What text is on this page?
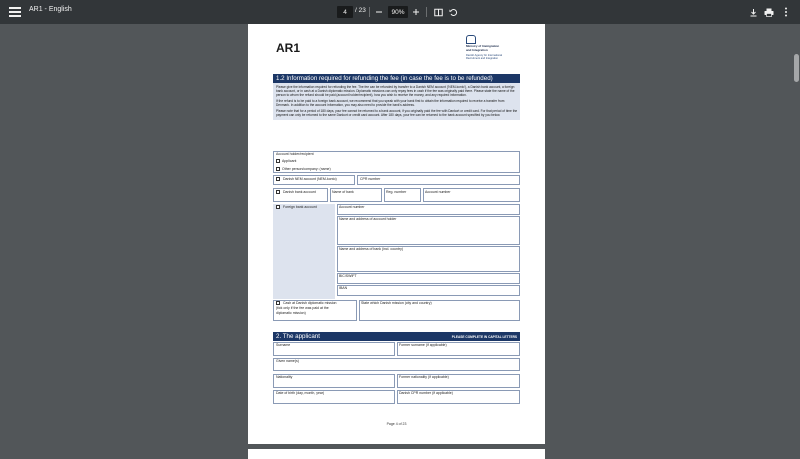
AR1 - English	4	/ 23	90%
AR1	Ministry of Immigration
and Integration
Danish Agency for International
Recruitment and Integration
1.2 Information required for refunding the fee (in case the fee is to be refunded)

Please give the information required for refunding the fee. The fee can be refunded by transfer to a Danish NEM account ('NEM-konto'), a Danish bank account, a foreign bank account, or in cash at a Danish diplomatic mission. Diplomatic missions can only repay fees in cash if the fee was originally paid there. Please state the name of the person to whom the refund should be paid (account holder/recipient), how you wish to receive the money, and any required information.

If the refund is to be paid to a foreign bank account, we recommend that you speak with your bank first to obtain the information required to receive a transfer from Denmark. In addition to the account information, you may also need to provide the bank's address.

Please note that for a period of 180 days, your fee cannot be returned to a bank account, if you originally paid the fee with Dankort or credit card. For that period of time the payment can only be returned to the same Dankort or credit card account. After 180 days, your fee can be returned to the bank account specified by you below.

Account holder/recipient
Applicant
Other person/company: (name)
Danish NEM account (NEM-konto)	CPR number
Danish bank account	Name of bank	Reg. number	Account number
Foreign bank account	Account number
Name and address of account holder
Name and address of bank (incl. country)
BIC/SWIFT
IBAN
Cash at Danish diplomatic mission
(tick only if the fee was paid at the
diplomatic mission)
State which Danish mission (city and country)
2. The applicant	PLEASE COMPLETE IN CAPITAL LETTERS
Surname	Former surname (if applicable)
Given name(s)
Nationality	Former nationality (if applicable)
Date of birth (day, month, year)	Danish CPR number (if applicable)
Page 4 of 23
